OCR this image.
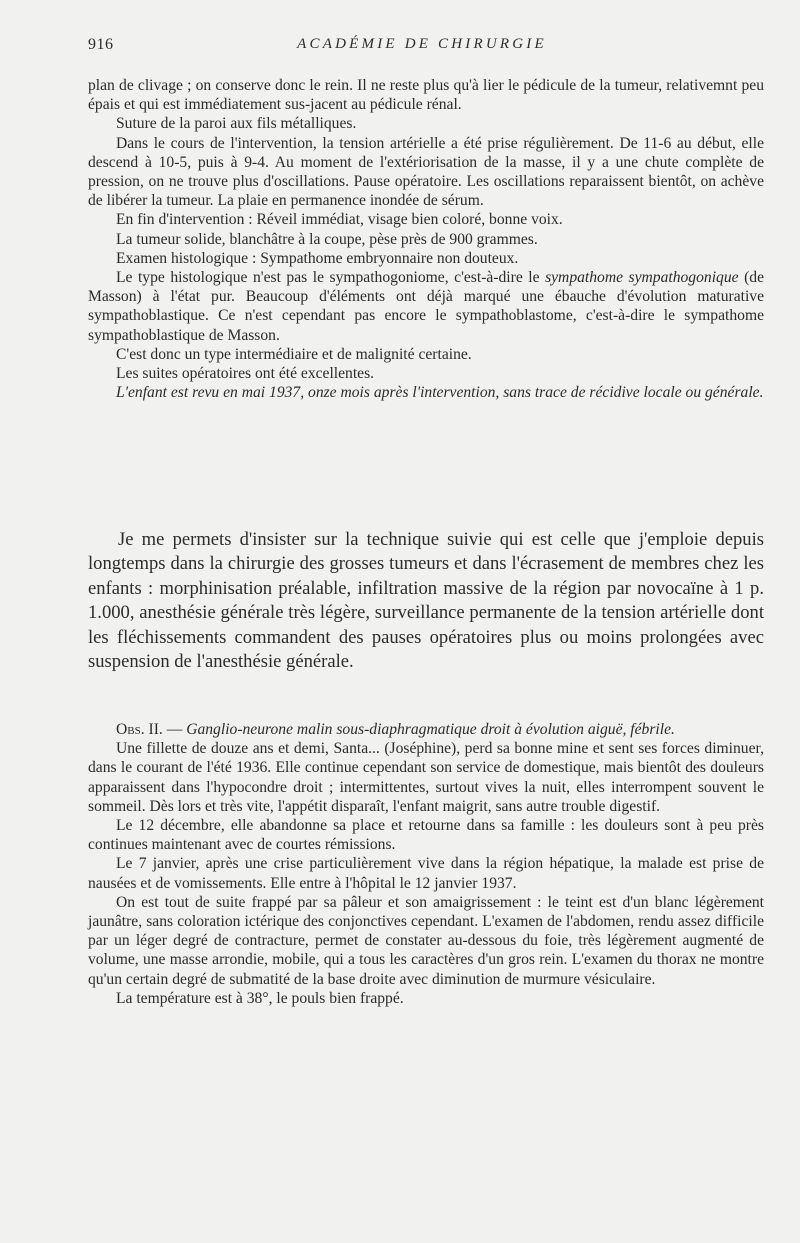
916	ACADÉMIE DE CHIRURGIE

plan de clivage ; on conserve donc le rein. Il ne reste plus qu'à lier le pédicule de la tumeur, relativemnt peu épais et qui est immédiatement sus-jacent au pédicule rénal.

Suture de la paroi aux fils métalliques.

Dans le cours de l'intervention, la tension artérielle a été prise régulièrement. De 11-6 au début, elle descend à 10-5, puis à 9-4. Au moment de l'extériorisation de la masse, il y a une chute complète de pression, on ne trouve plus d'oscillations. Pause opératoire. Les oscillations reparaissent bientôt, on achève de libérer la tumeur. La plaie en permanence inondée de sérum.

En fin d'intervention : Réveil immédiat, visage bien coloré, bonne voix.

La tumeur solide, blanchâtre à la coupe, pèse près de 900 grammes.

Examen histologique : Sympathome embryonnaire non douteux.

Le type histologique n'est pas le sympathogoniome, c'est-à-dire le sympathome sympathogonique (de Masson) à l'état pur. Beaucoup d'éléments ont déjà marqué une ébauche d'évolution maturative sympathoblastique. Ce n'est cependant pas encore le sympathoblastome, c'est-à-dire le sympathome sympathoblastique de Masson.

C'est donc un type intermédiaire et de malignité certaine.

Les suites opératoires ont été excellentes.

L'enfant est revu en mai 1937, onze mois après l'intervention, sans trace de récidive locale ou générale.

Je me permets d'insister sur la technique suivie qui est celle que j'emploie depuis longtemps dans la chirurgie des grosses tumeurs et dans l'écrasement de membres chez les enfants : morphinisation préalable, infiltration massive de la région par novocaïne à 1 p. 1.000, anesthésie générale très légère, surveillance permanente de la tension artérielle dont les fléchissements commandent des pauses opératoires plus ou moins prolongées avec suspension de l'anesthésie générale.

Obs. II. — Ganglio-neurone malin sous-diaphragmatique droit à évolution aiguë, fébrile.

Une fillette de douze ans et demi, Santa... (Joséphine), perd sa bonne mine et sent ses forces diminuer, dans le courant de l'été 1936. Elle continue cependant son service de domestique, mais bientôt des douleurs apparaissent dans l'hypocondre droit ; intermittentes, surtout vives la nuit, elles interrompent souvent le sommeil. Dès lors et très vite, l'appétit disparaît, l'enfant maigrit, sans autre trouble digestif.

Le 12 décembre, elle abandonne sa place et retourne dans sa famille : les douleurs sont à peu près continues maintenant avec de courtes rémissions.

Le 7 janvier, après une crise particulièrement vive dans la région hépatique, la malade est prise de nausées et de vomissements. Elle entre à l'hôpital le 12 janvier 1937.

On est tout de suite frappé par sa pâleur et son amaigrissement : le teint est d'un blanc légèrement jaunâtre, sans coloration ictérique des conjonctives cependant. L'examen de l'abdomen, rendu assez difficile par un léger degré de contracture, permet de constater au-dessous du foie, très légèrement augmenté de volume, une masse arrondie, mobile, qui a tous les caractères d'un gros rein. L'examen du thorax ne montre qu'un certain degré de submatité de la base droite avec diminution de murmure vésiculaire.

La température est à 38°, le pouls bien frappé.
